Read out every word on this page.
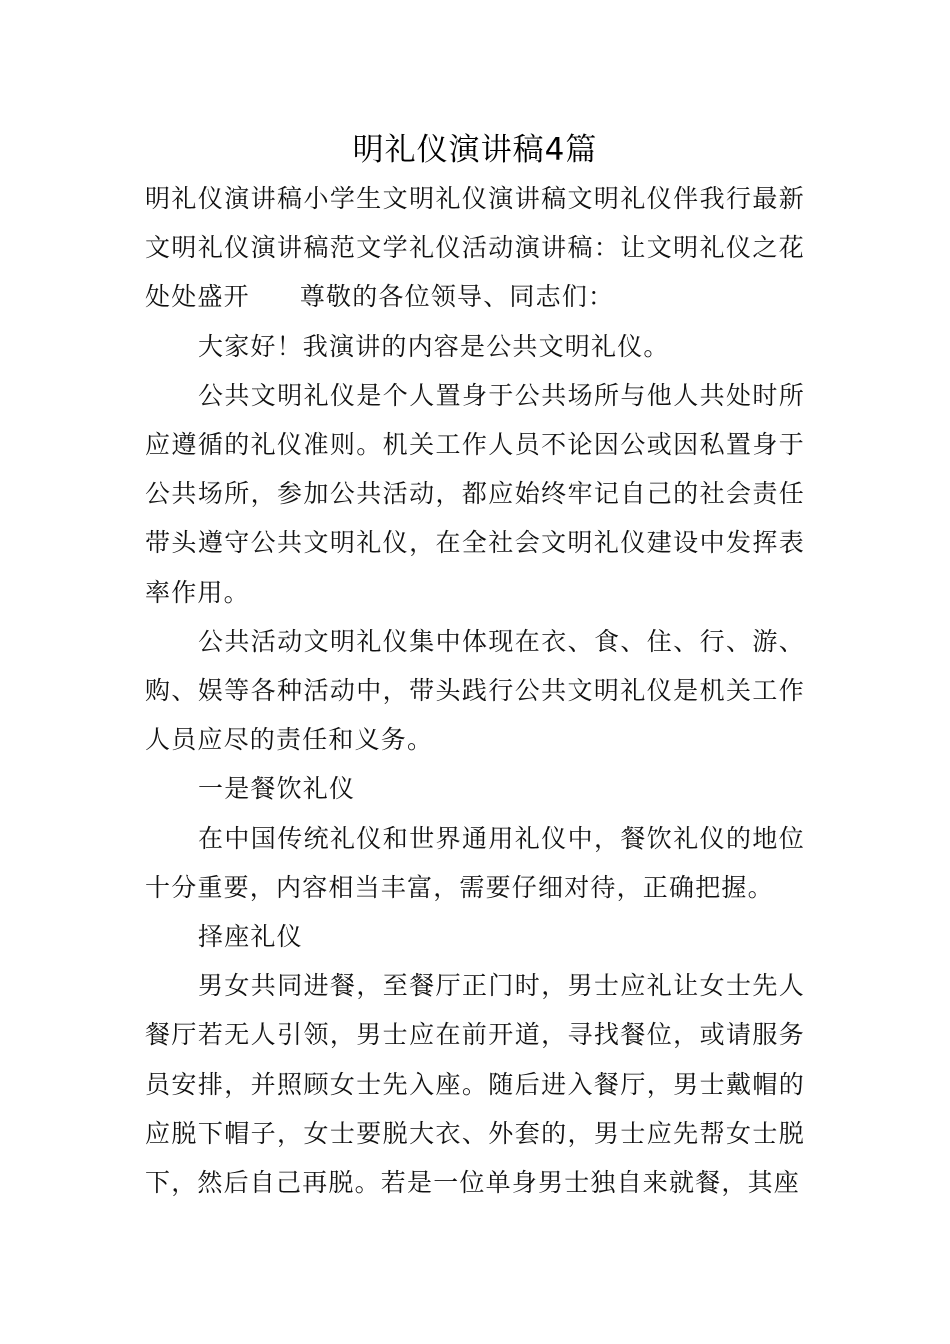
明礼仪演讲稿4篇

明礼仪演讲稿小学生文明礼仪演讲稿文明礼仪伴我行最新文明礼仪演讲稿范文学礼仪活动演讲稿：让文明礼仪之花处处盛开 尊敬的各位领导、同志们：

大家好！我演讲的内容是公共文明礼仪。

公共文明礼仪是个人置身于公共场所与他人共处时所应遵循的礼仪准则。机关工作人员不论因公或因私置身于公共场所，参加公共活动，都应始终牢记自己的社会责任带头遵守公共文明礼仪，在全社会文明礼仪建设中发挥表率作用。

公共活动文明礼仪集中体现在衣、食、住、行、游、购、娱等各种活动中，带头践行公共文明礼仪是机关工作人员应尽的责任和义务。

一是餐饮礼仪

在中国传统礼仪和世界通用礼仪中，餐饮礼仪的地位十分重要，内容相当丰富，需要仔细对待，正确把握。

择座礼仪

男女共同进餐，至餐厅正门时，男士应礼让女士先人餐厅若无人引领，男士应在前开道，寻找餐位，或请服务员安排，并照顾女士先入座。随后进入餐厅，男士戴帽的应脱下帽子，女士要脱大衣、外套的，男士应先帮女士脱下，然后自己再脱。若是一位单身男士独自来就餐，其座
